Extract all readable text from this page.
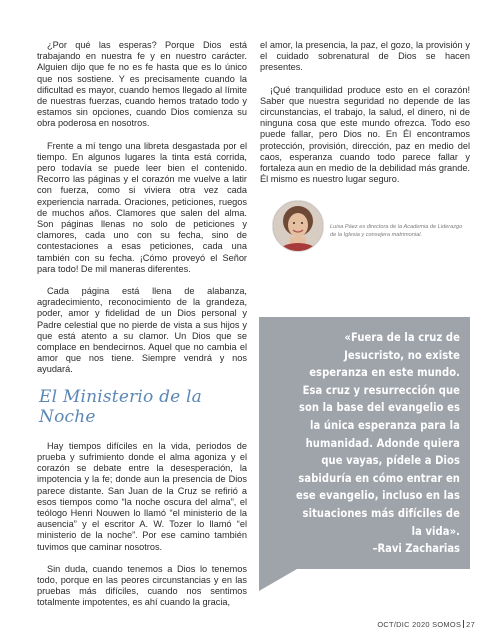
¿Por qué las esperas? Porque Dios está trabajando en nuestra fe y en nuestro carácter. Alguien dijo que fe no es fe hasta que es lo único que nos sostiene. Y es precisamente cuando la dificultad es mayor, cuando hemos llegado al límite de nuestras fuerzas, cuando hemos tratado todo y estamos sin opciones, cuando Dios comienza su obra poderosa en nosotros.

Frente a mí tengo una libreta desgastada por el tiempo. En algunos lugares la tinta está corrida, pero todavía se puede leer bien el contenido. Recorro las páginas y el corazón me vuelve a latir con fuerza, como si viviera otra vez cada experiencia narrada. Oraciones, peticiones, ruegos de muchos años. Clamores que salen del alma. Son páginas llenas no solo de peticiones y clamores, cada uno con su fecha, sino de contestaciones a esas peticiones, cada una también con su fecha. ¡Cómo proveyó el Señor para todo! De mil maneras diferentes.

Cada página está llena de alabanza, agradecimiento, reconocimiento de la grandeza, poder, amor y fidelidad de un Dios personal y Padre celestial que no pierde de vista a sus hijos y que está atento a su clamor. Un Dios que se complace en bendecirnos. Aquel que no cambia el amor que nos tiene. Siempre vendrá y nos ayudará.

El Ministerio de la Noche

Hay tiempos difíciles en la vida, periodos de prueba y sufrimiento donde el alma agoniza y el corazón se debate entre la desesperación, la impotencia y la fe; donde aun la presencia de Dios parece distante. San Juan de la Cruz se refirió a esos tiempos como “la noche oscura del alma”, el teólogo Henri Nouwen lo llamó “el ministerio de la ausencia” y el escritor A. W. Tozer lo llamó “el ministerio de la noche”. Por ese camino también tuvimos que caminar nosotros.

Sin duda, cuando tenemos a Dios lo tenemos todo, porque en las peores circunstancias y en las pruebas más difíciles, cuando nos sentimos totalmente impotentes, es ahí cuando la gracia,

el amor, la presencia, la paz, el gozo, la provisión y el cuidado sobrenatural de Dios se hacen presentes.

¡Qué tranquilidad produce esto en el corazón! Saber que nuestra seguridad no depende de las circunstancias, el trabajo, la salud, el dinero, ni de ninguna cosa que este mundo ofrezca. Todo eso puede fallar, pero Dios no. En Él encontramos protección, provisión, dirección, paz en medio del caos, esperanza cuando todo parece fallar y fortaleza aun en medio de la debilidad más grande. Él mismo es nuestro lugar seguro.

Luisa Páez es directora de la Academia de Liderazgo de la Iglesia y consejera matrimonial.
«Fuera de la cruz de Jesucristo, no existe esperanza en este mundo. Esa cruz y resurrección que son la base del evangelio es la única esperanza para la humanidad. Adonde quiera que vayas, pídele a Dios sabiduría en cómo entrar en ese evangelio, incluso en las situaciones más difíciles de la vida».
–Ravi Zacharias
OCT/DIC 2020 SOMOS 27
